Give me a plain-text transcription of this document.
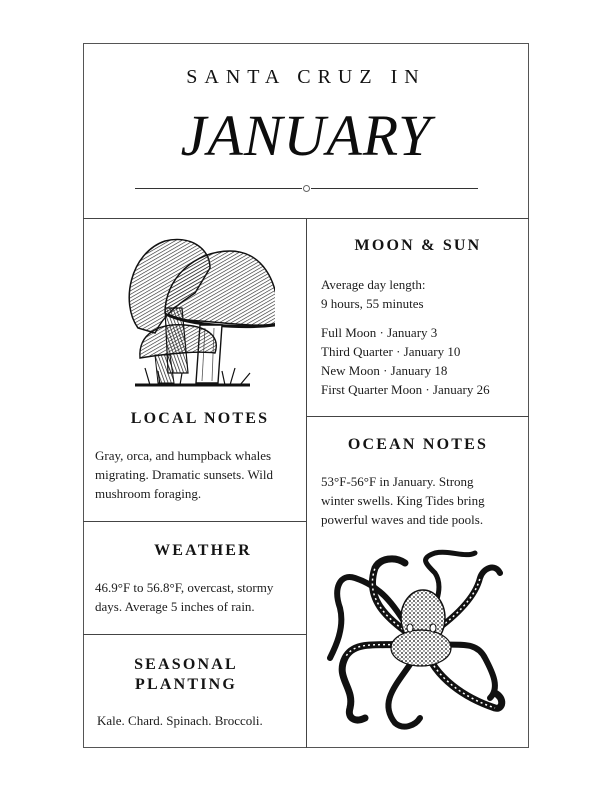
SANTA CRUZ IN
JANUARY
LOCAL NOTES

Gray, orca, and humpback whales migrating. Dramatic sunsets. Wild mushroom foraging.

WEATHER

46.9°F to 56.8°F, overcast, stormy days. Average 5 inches of rain.

SEASONAL
PLANTING

Kale. Chard. Spinach. Broccoli.

MOON & SUN

Average day length:

9 hours, 55 minutes

Full Moon · January 3

Third Quarter · January 10

New Moon · January 18

First Quarter Moon · January 26

OCEAN NOTES

53°F-56°F in January. Strong

winter swells. King Tides bring

powerful waves and tide pools.
